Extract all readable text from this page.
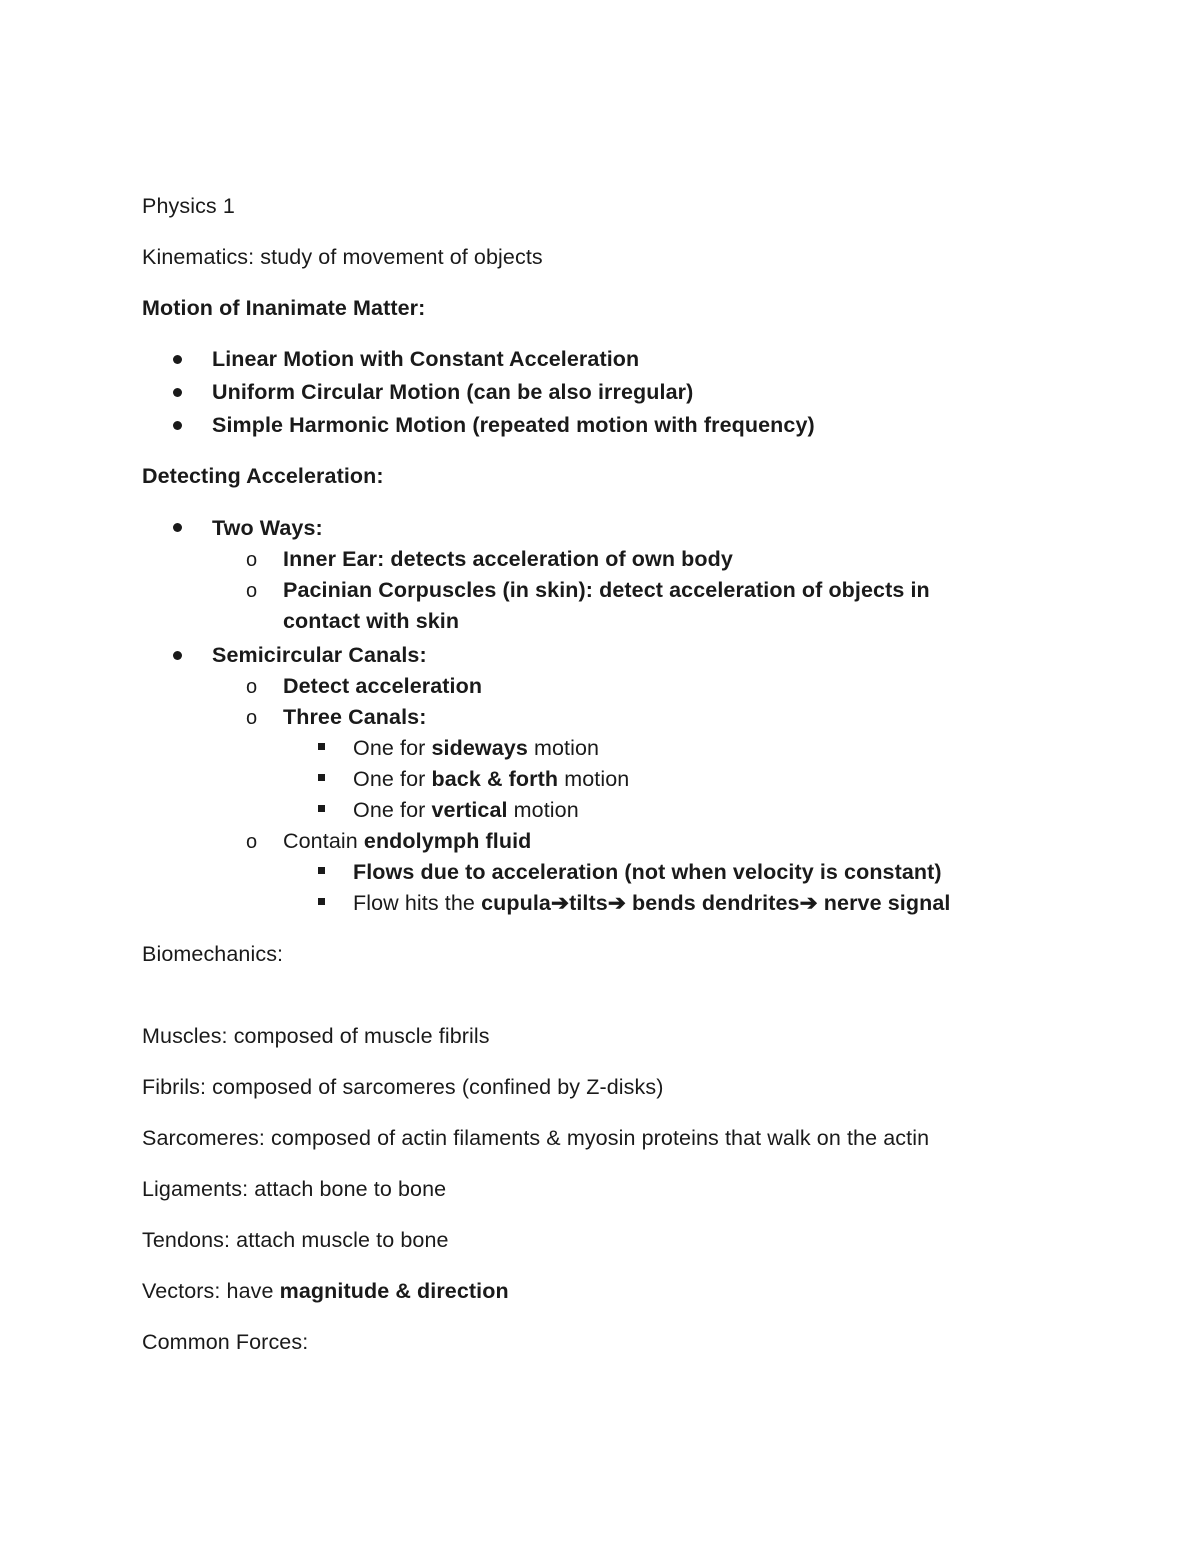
Physics 1
Kinematics: study of movement of objects
Motion of Inanimate Matter:
Linear Motion with Constant Acceleration
Uniform Circular Motion (can be also irregular)
Simple Harmonic Motion (repeated motion with frequency)
Detecting Acceleration:
Two Ways:
o Inner Ear: detects acceleration of own body
o Pacinian Corpuscles (in skin): detect acceleration of objects in
contact with skin
Semicircular Canals:
o Detect acceleration
o Three Canals:
One for sideways motion
One for back & forth motion
One for vertical motion
o Contain endolymph fluid
Flows due to acceleration (not when velocity is constant)
Flow hits the cupula➔tilts➔ bends dendrites➔ nerve signal
Biomechanics:
Muscles: composed of muscle fibrils
Fibrils: composed of sarcomeres (confined by Z-disks)
Sarcomeres: composed of actin filaments & myosin proteins that walk on the actin
Ligaments: attach bone to bone
Tendons: attach muscle to bone
Vectors: have magnitude & direction
Common Forces:
